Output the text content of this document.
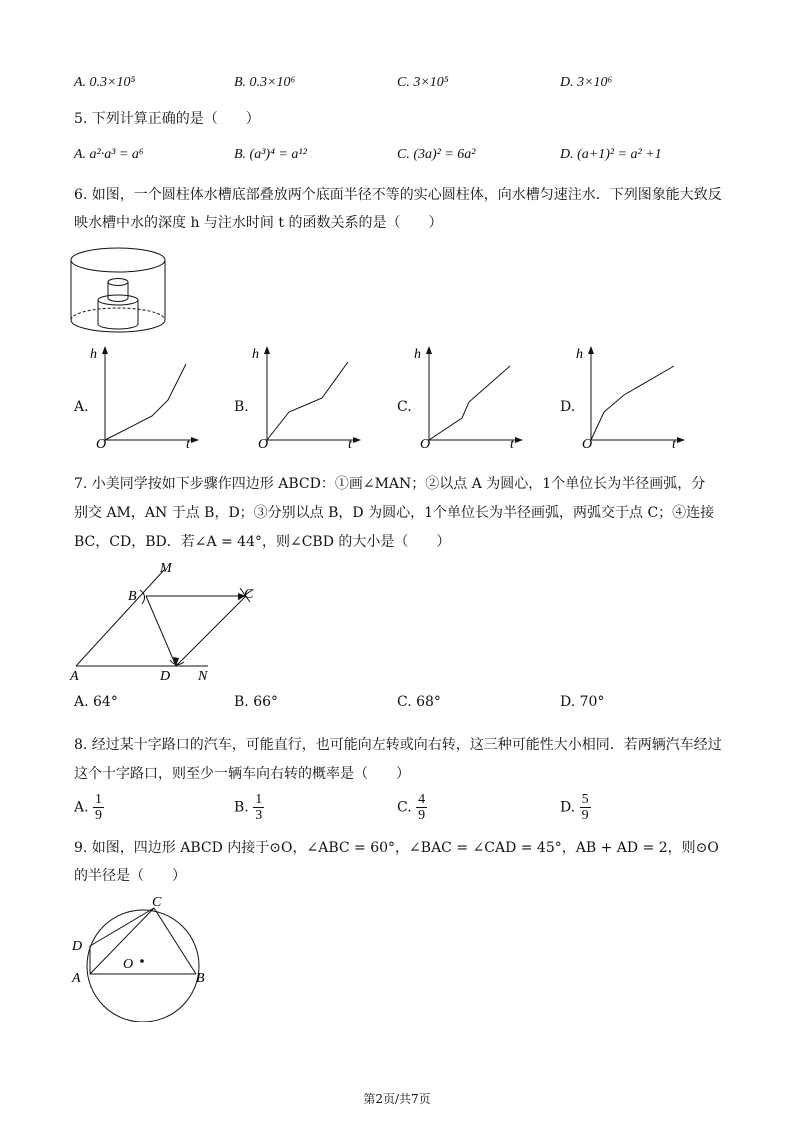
A. 0.3×10⁵	B. 0.3×10⁶	C. 3×10⁵	D. 3×10⁶
5. 下列计算正确的是（　　）
A. a²·a³ = a⁶	B. (a³)⁴ = a¹²	C. (3a)² = 6a²	D. (a+1)² = a² +1
6. 如图，一个圆柱体水槽底部叠放两个底面半径不等的实心圆柱体，向水槽匀速注水．下列图象能大致反
映水槽中水的深度 h 与注水时间 t 的函数关系的是（　　）
A.	B.	C.	D.
h
O	t
h
O	t
h
O	t
h
O	t
7. 小美同学按如下步骤作四边形 ABCD：①画∠MAN；②以点 A 为圆心，1个单位长为半径画弧，分
别交 AM，AN 于点 B，D；③分别以点 B，D 为圆心，1个单位长为半径画弧，两弧交于点 C；④连接
BC，CD，BD．若∠A = 44°，则∠CBD 的大小是（　　）
M
B	C
A	D N
A. 64°	B. 66°	C. 68°	D. 70°
8. 经过某十字路口的汽车，可能直行，也可能向左转或向右转，这三种可能性大小相同．若两辆汽车经过
这个十字路口，则至少一辆车向右转的概率是（　　）
A. $\frac{1}{9}$	B. $\frac{1}{3}$	C. $\frac{4}{9}$	D. $\frac{5}{9}$
9. 如图，四边形 ABCD 内接于⊙O，∠ABC = 60°，∠BAC = ∠CAD = 45°，AB + AD = 2，则⊙O
的半径是（　　）
C
D
O
A	B
第2页/共7页
